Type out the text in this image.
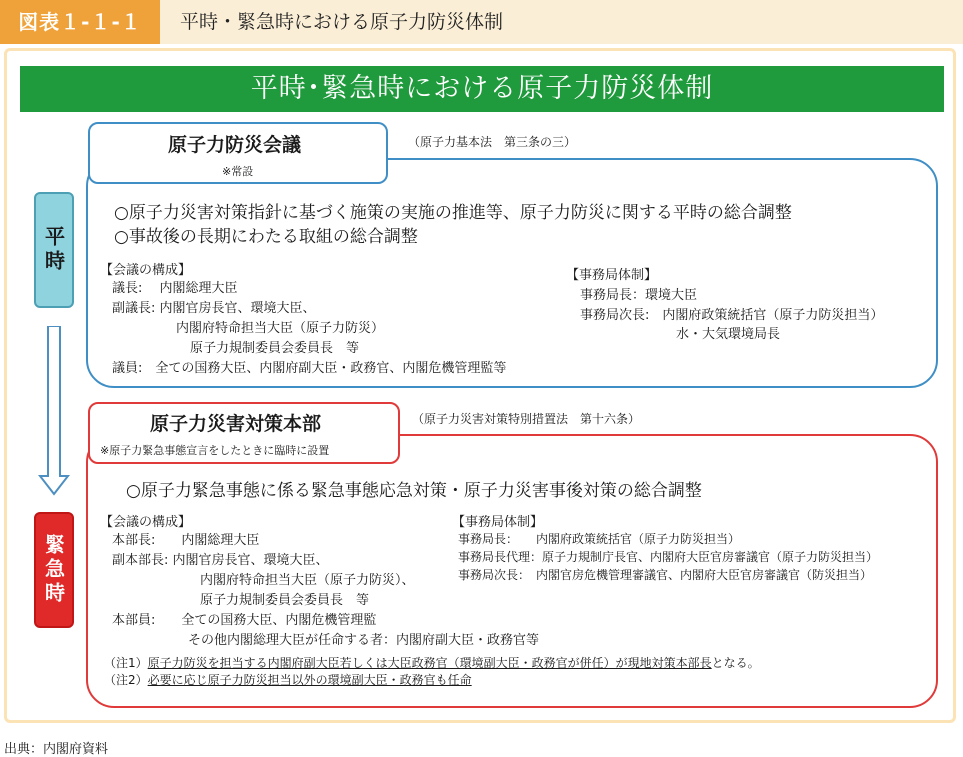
図表１-１-１	平時・緊急時における原子力防災体制
平時･緊急時における原子力防災体制
平時
原子力防災会議
※常設
（原子力基本法　第三条の三）
○原子力災害対策指針に基づく施策の実施の推進等、原子力防災に関する平時の総合調整
○事故後の長期にわたる取組の総合調整
【会議の構成】
議長:　 内閣総理大臣
副議長: 内閣官房長官、環境大臣、
内閣府特命担当大臣（原子力防災）
原子力規制委員会委員長　等
議員:　全ての国務大臣、内閣府副大臣・政務官、内閣危機管理監等
【事務局体制】
事務局長：環境大臣
事務局次長:　内閣府政策統括官（原子力防災担当）
水・大気環境局長
緊急時
原子力災害対策本部
※原子力緊急事態宣言をしたときに臨時に設置
（原子力災害対策特別措置法　第十六条）
○原子力緊急事態に係る緊急事態応急対策・原子力災害事後対策の総合調整
【会議の構成】
本部長:　　内閣総理大臣
副本部長: 内閣官房長官、環境大臣、
内閣府特命担当大臣（原子力防災）、
原子力規制委員会委員長　等
本部員:　　全ての国務大臣、内閣危機管理監
その他内閣総理大臣が任命する者：内閣府副大臣・政務官等
【事務局体制】
事務局長：　　内閣府政策統括官（原子力防災担当）
事務局長代理：原子力規制庁長官、内閣府大臣官房審議官（原子力防災担当）
事務局次長：　内閣官房危機管理審議官、内閣府大臣官房審議官（防災担当）
（注1）原子力防災を担当する内閣府副大臣若しくは大臣政務官（環境副大臣・政務官が併任）が現地対策本部長となる。
（注2）必要に応じ原子力防災担当以外の環境副大臣・政務官も任命
出典：内閣府資料
